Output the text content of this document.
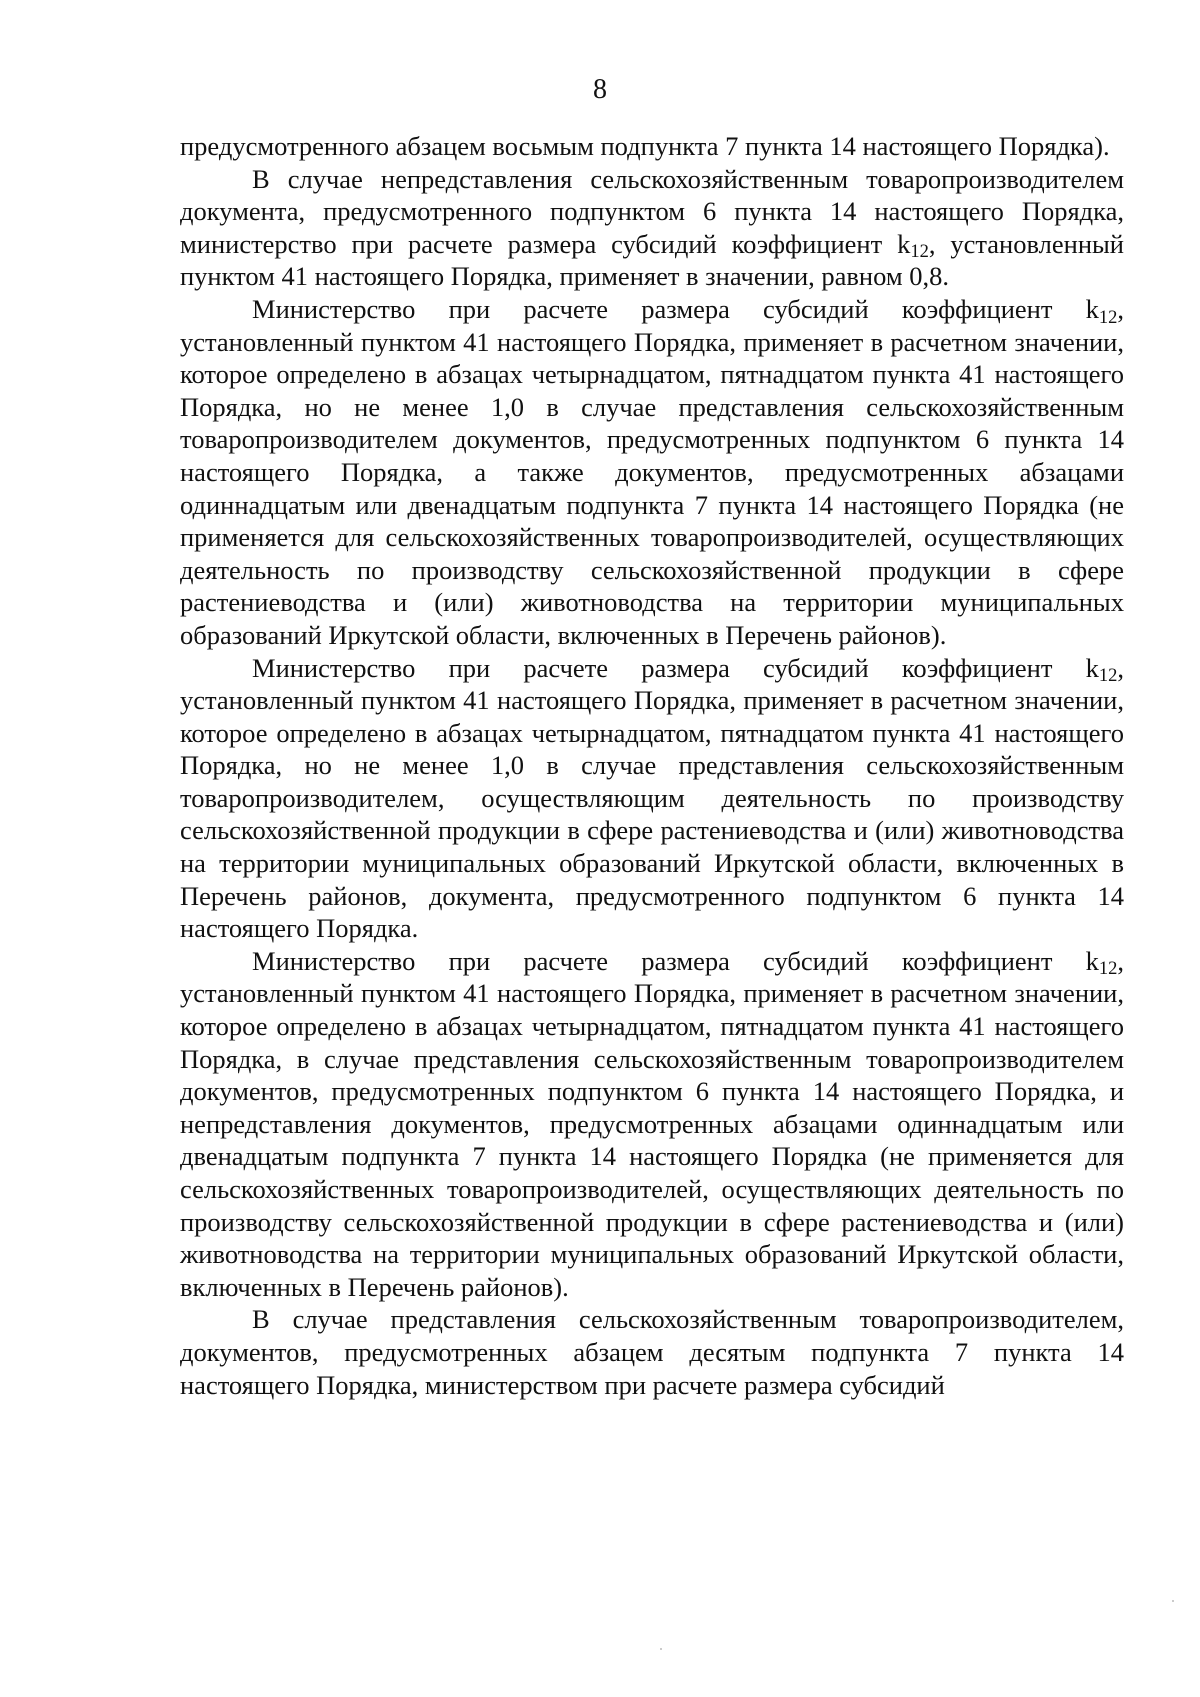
8

предусмотренного абзацем восьмым подпункта 7 пункта 14 настоящего Порядка).

В случае непредставления сельскохозяйственным товаропроизводителем документа, предусмотренного подпунктом 6 пункта 14 настоящего Порядка, министерство при расчете размера субсидий коэффициент k12, установленный пунктом 41 настоящего Порядка, применяет в значении, равном 0,8.

Министерство при расчете размера субсидий коэффициент k12, установленный пунктом 41 настоящего Порядка, применяет в расчетном значении, которое определено в абзацах четырнадцатом, пятнадцатом пункта 41 настоящего Порядка, но не менее 1,0 в случае представления сельскохозяйственным товаропроизводителем документов, предусмотренных подпунктом 6 пункта 14 настоящего Порядка, а также документов, предусмотренных абзацами одиннадцатым или двенадцатым подпункта 7 пункта 14 настоящего Порядка (не применяется для сельскохозяйственных товаропроизводителей, осуществляющих деятельность по производству сельскохозяйственной продукции в сфере растениеводства и (или) животноводства на территории муниципальных образований Иркутской области, включенных в Перечень районов).

Министерство при расчете размера субсидий коэффициент k12, установленный пунктом 41 настоящего Порядка, применяет в расчетном значении, которое определено в абзацах четырнадцатом, пятнадцатом пункта 41 настоящего Порядка, но не менее 1,0 в случае представления сельскохозяйственным товаропроизводителем, осуществляющим деятельность по производству сельскохозяйственной продукции в сфере растениеводства и (или) животноводства на территории муниципальных образований Иркутской области, включенных в Перечень районов, документа, предусмотренного подпунктом 6 пункта 14 настоящего Порядка.

Министерство при расчете размера субсидий коэффициент k12, установленный пунктом 41 настоящего Порядка, применяет в расчетном значении, которое определено в абзацах четырнадцатом, пятнадцатом пункта 41 настоящего Порядка, в случае представления сельскохозяйственным товаропроизводителем документов, предусмотренных подпунктом 6 пункта 14 настоящего Порядка, и непредставления документов, предусмотренных абзацами одиннадцатым или двенадцатым подпункта 7 пункта 14 настоящего Порядка (не применяется для сельскохозяйственных товаропроизводителей, осуществляющих деятельность по производству сельскохозяйственной продукции в сфере растениеводства и (или) животноводства на территории муниципальных образований Иркутской области, включенных в Перечень районов).

В случае представления сельскохозяйственным товаропроизводителем, документов, предусмотренных абзацем десятым подпункта 7 пункта 14 настоящего Порядка, министерством при расчете размера субсидий
